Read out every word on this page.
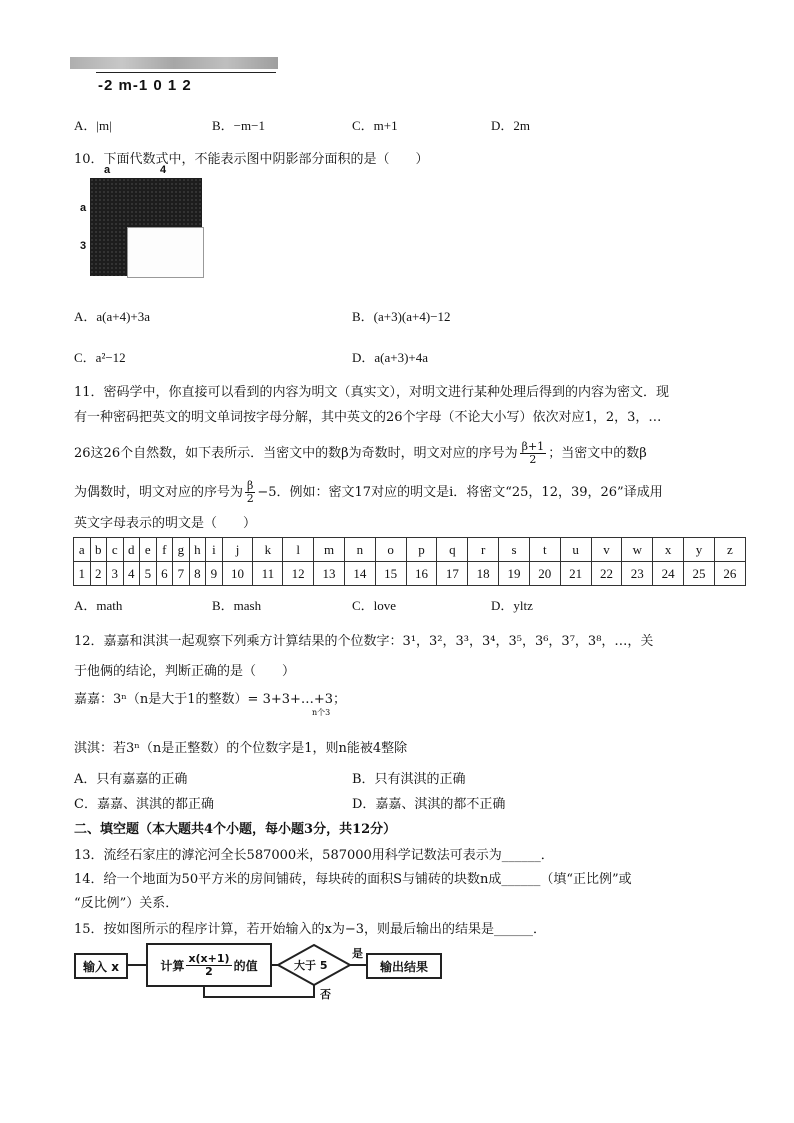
-2 m-1 0 1 2
A．|m|	B．−m−1	C．m+1	D．2m
10．下面代数式中，不能表示图中阴影部分面积的是（　　）
a	4
a
3
A．a(a+4)+3a	B．(a+3)(a+4)−12
C．a²−12	D．a(a+3)+4a
11．密码学中，你直接可以看到的内容为明文（真实文），对明文进行某种处理后得到的内容为密文．现
有一种密码把英文的明文单词按字母分解，其中英文的26个字母（不论大小写）依次对应1，2，3，…
26这26个自然数，如下表所示．当密文中的数β为奇数时，明文对应的序号为 $\frac{\beta+1}{2}$ ；当密文中的数β
为偶数时，明文对应的序号为 $\frac{\beta}{2} -5$．例如：密文17对应的明文是i．将密文“25，12，39，26”译成用
英文字母表示的明文是（　　）
a	b	c	d	e	f	g	h	i	j	k	l	m	n	o	p	q	r	s	t	u	v	w	x	y	z
1	2	3	4	5	6	7	8	9	10	11	12	13	14	15	16	17	18	19	20	21	22	23	24	25	26
A．math	B．mash	C．love	D．yltz
12．嘉嘉和淇淇一起观察下列乘方计算结果的个位数字：3¹，3²，3³，3⁴，3⁵，3⁶，3⁷，3⁸，…，关
于他俩的结论，判断正确的是（　　）
嘉嘉：3ⁿ（n是大于1的整数）= 3+3+…+3；
n个3
淇淇：若3ⁿ（n是正整数）的个位数字是1，则n能被4整除
A．只有嘉嘉的正确	B．只有淇淇的正确
C．嘉嘉、淇淇的都正确	D．嘉嘉、淇淇的都不正确
二、填空题（本大题共4个小题，每小题3分，共12分）
13．流经石家庄的滹沱河全长587000米，587000用科学记数法可表示为______．
14．给一个地面为50平方米的房间铺砖，每块砖的面积S与铺砖的块数n成______（填“正比例”或
“反比例”）关系．
15．按如图所示的程序计算，若开始输入的x为−3，则最后输出的结果是______．
输入 x	计算 $\frac{x(x+1)}{2}$ 的值	大于 5
是
否
输出结果
